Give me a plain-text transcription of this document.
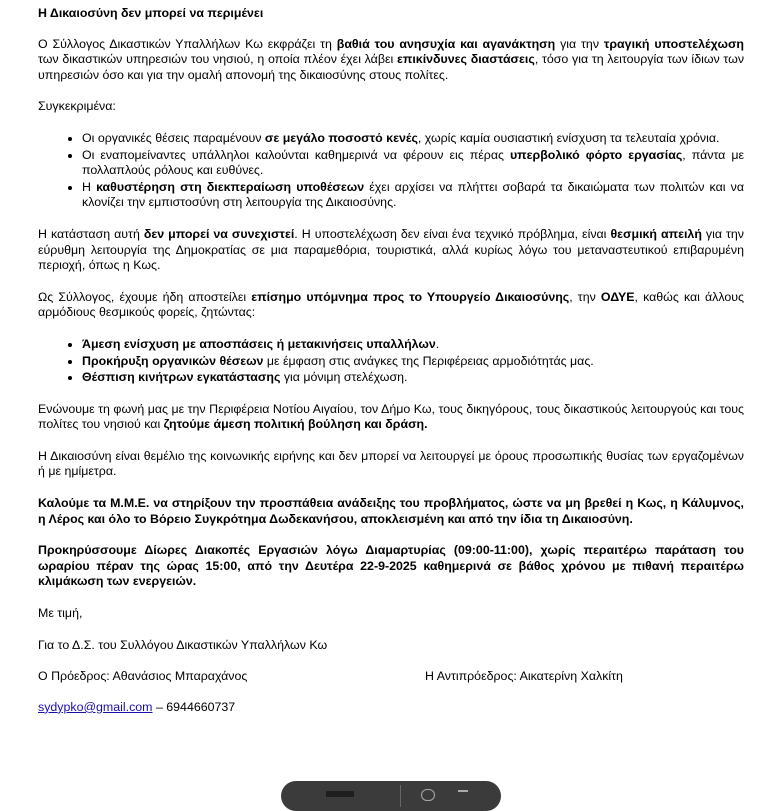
Η Δικαιοσύνη δεν μπορεί να περιμένει

Ο Σύλλογος Δικαστικών Υπαλλήλων Κω εκφράζει τη βαθιά του ανησυχία και αγανάκτηση για την τραγική υποστελέχωση των δικαστικών υπηρεσιών του νησιού, η οποία πλέον έχει λάβει επικίνδυνες διαστάσεις, τόσο για τη λειτουργία των ίδιων των υπηρεσιών όσο και για την ομαλή απονομή της δικαιοσύνης στους πολίτες.

Συγκεκριμένα:

• Οι οργανικές θέσεις παραμένουν σε μεγάλο ποσοστό κενές, χωρίς καμία ουσιαστική ενίσχυση τα τελευταία χρόνια.
• Οι εναπομείναντες υπάλληλοι καλούνται καθημερινά να φέρουν εις πέρας υπερβολικό φόρτο εργασίας, πάντα με πολλαπλούς ρόλους και ευθύνες.
• Η καθυστέρηση στη διεκπεραίωση υποθέσεων έχει αρχίσει να πλήττει σοβαρά τα δικαιώματα των πολιτών και να κλονίζει την εμπιστοσύνη στη λειτουργία της Δικαιοσύνης.

Η κατάσταση αυτή δεν μπορεί να συνεχιστεί. Η υποστελέχωση δεν είναι ένα τεχνικό πρόβλημα, είναι θεσμική απειλή για την εύρυθμη λειτουργία της Δημοκρατίας σε μια παραμεθόρια, τουριστικά, αλλά κυρίως λόγω του μεταναστευτικού επιβαρυμένη περιοχή, όπως η Κως.

Ως Σύλλογος, έχουμε ήδη αποστείλει επίσημο υπόμνημα προς το Υπουργείο Δικαιοσύνης, την ΟΔΥΕ, καθώς και άλλους αρμόδιους θεσμικούς φορείς, ζητώντας:

• Άμεση ενίσχυση με αποσπάσεις ή μετακινήσεις υπαλλήλων.
• Προκήρυξη οργανικών θέσεων με έμφαση στις ανάγκες της Περιφέρειας αρμοδιότητάς μας.
• Θέσπιση κινήτρων εγκατάστασης για μόνιμη στελέχωση.

Ενώνουμε τη φωνή μας με την Περιφέρεια Νοτίου Αιγαίου, τον Δήμο Κω, τους δικηγόρους, τους δικαστικούς λειτουργούς και τους πολίτες του νησιού και ζητούμε άμεση πολιτική βούληση και δράση.

Η Δικαιοσύνη είναι θεμέλιο της κοινωνικής ειρήνης και δεν μπορεί να λειτουργεί με όρους προσωπικής θυσίας των εργαζομένων ή με ημίμετρα.

Καλούμε τα Μ.Μ.Ε. να στηρίξουν την προσπάθεια ανάδειξης του προβλήματος, ώστε να μη βρεθεί η Κως, η Κάλυμνος, η Λέρος και όλο το Βόρειο Συγκρότημα Δωδεκανήσου, αποκλεισμένη και από την ίδια τη Δικαιοσύνη.

Προκηρύσσουμε Δίωρες Διακοπές Εργασιών λόγω Διαμαρτυρίας (09:00-11:00), χωρίς περαιτέρω παράταση του ωραρίου πέραν της ώρας 15:00, από την Δευτέρα 22-9-2025 καθημερινά σε βάθος χρόνου με πιθανή περαιτέρω κλιμάκωση των ενεργειών.

Με τιμή,

Για το Δ.Σ. του Συλλόγου Δικαστικών Υπαλλήλων Κω

Ο Πρόεδρος: Αθανάσιος Μπαραχάνος	Η Αντιπρόεδρος: Αικατερίνη Χαλκίτη

sydypko@gmail.com – 6944660737
